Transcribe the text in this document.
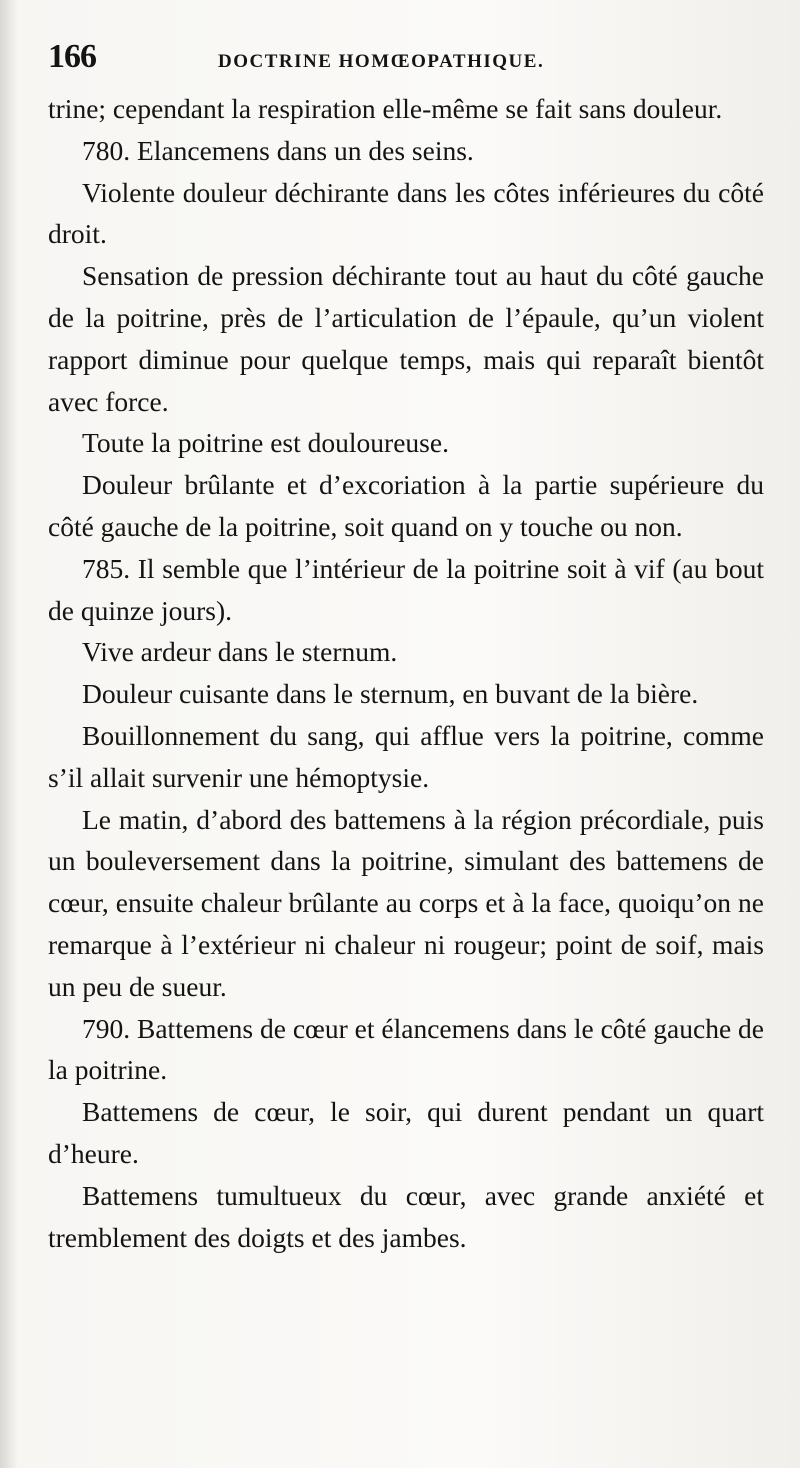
166	DOCTRINE HOMŒOPATHIQUE.

trine; cependant la respiration elle-même se fait sans douleur.

780. Elancemens dans un des seins.

Violente douleur déchirante dans les côtes inférieures du côté droit.

Sensation de pression déchirante tout au haut du côté gauche de la poitrine, près de l’articulation de l’épaule, qu’un violent rapport diminue pour quelque temps, mais qui reparaît bientôt avec force.

Toute la poitrine est douloureuse.

Douleur brûlante et d’excoriation à la partie supérieure du côté gauche de la poitrine, soit quand on y touche ou non.

785. Il semble que l’intérieur de la poitrine soit à vif (au bout de quinze jours).

Vive ardeur dans le sternum.

Douleur cuisante dans le sternum, en buvant de la bière.

Bouillonnement du sang, qui afflue vers la poitrine, comme s’il allait survenir une hémoptysie.

Le matin, d’abord des battemens à la région précordiale, puis un bouleversement dans la poitrine, simulant des battemens de cœur, ensuite chaleur brûlante au corps et à la face, quoiqu’on ne remarque à l’extérieur ni chaleur ni rougeur; point de soif, mais un peu de sueur.

790. Battemens de cœur et élancemens dans le côté gauche de la poitrine.

Battemens de cœur, le soir, qui durent pendant un quart d’heure.

Battemens tumultueux du cœur, avec grande anxiété et tremblement des doigts et des jambes.
